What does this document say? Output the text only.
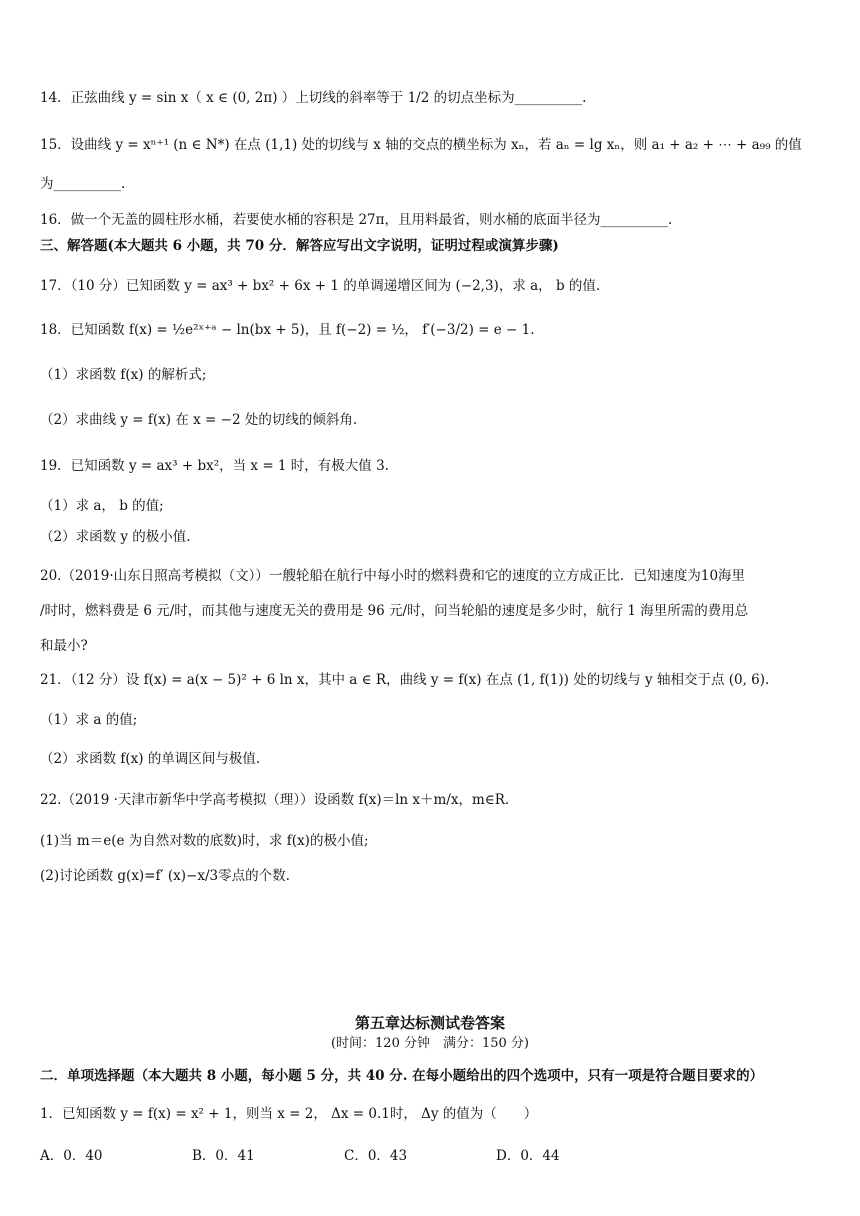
14．正弦曲线 y = sin x（ x ∈ (0, 2π) ）上切线的斜率等于 1/2 的切点坐标为__________.
15．设曲线 y = xⁿ⁺¹ (n ∈ N*) 在点 (1,1) 处的切线与 x 轴的交点的横坐标为 xₙ，若 aₙ = lg xₙ，则 a₁ + a₂ + ⋯ + a₉₉ 的值
为__________.
16．做一个无盖的圆柱形水桶，若要使水桶的容积是 27π，且用料最省，则水桶的底面半径为__________.
三、解答题(本大题共 6 小题，共 70 分．解答应写出文字说明，证明过程或演算步骤)
17．（10 分）已知函数 y = ax³ + bx² + 6x + 1 的单调递增区间为 (−2,3)，求 a， b 的值.
18．已知函数 f(x) = ½e²ˣ⁺ᵃ − ln(bx + 5)，且 f(−2) = ½， f′(−3/2) = e − 1.
（1）求函数 f(x) 的解析式;
（2）求曲线 y = f(x) 在 x = −2 处的切线的倾斜角.
19．已知函数 y = ax³ + bx²，当 x = 1 时，有极大值 3.
（1）求 a， b 的值;
（2）求函数 y 的极小值.
20.（2019·山东日照高考模拟（文））一艘轮船在航行中每小时的燃料费和它的速度的立方成正比．已知速度为10海里
/时时，燃料费是 6 元/时，而其他与速度无关的费用是 96 元/时，问当轮船的速度是多少时，航行 1 海里所需的费用总
和最小?
21．（12 分）设 f(x) = a(x − 5)² + 6 ln x，其中 a ∈ R，曲线 y = f(x) 在点 (1, f(1)) 处的切线与 y 轴相交于点 (0, 6).
（1）求 a 的值;
（2）求函数 f(x) 的单调区间与极值.
22.（2019 ·天津市新华中学高考模拟（理））设函数 f(x)＝ln x＋m/x，m∈R.
(1)当 m＝e(e 为自然对数的底数)时，求 f(x)的极小值;
(2)讨论函数 g(x)=f′ (x)−x/3零点的个数.
第五章达标测试卷答案
(时间：120 分钟　满分：150 分)
二．单项选择题（本大题共 8 小题，每小题 5 分，共 40 分. 在每小题给出的四个选项中，只有一项是符合题目要求的）
1．已知函数 y = f(x) = x² + 1，则当 x = 2， Δx = 0.1时， Δy 的值为（　　）
A．0．40	B．0．41	C．0．43	D．0．44
